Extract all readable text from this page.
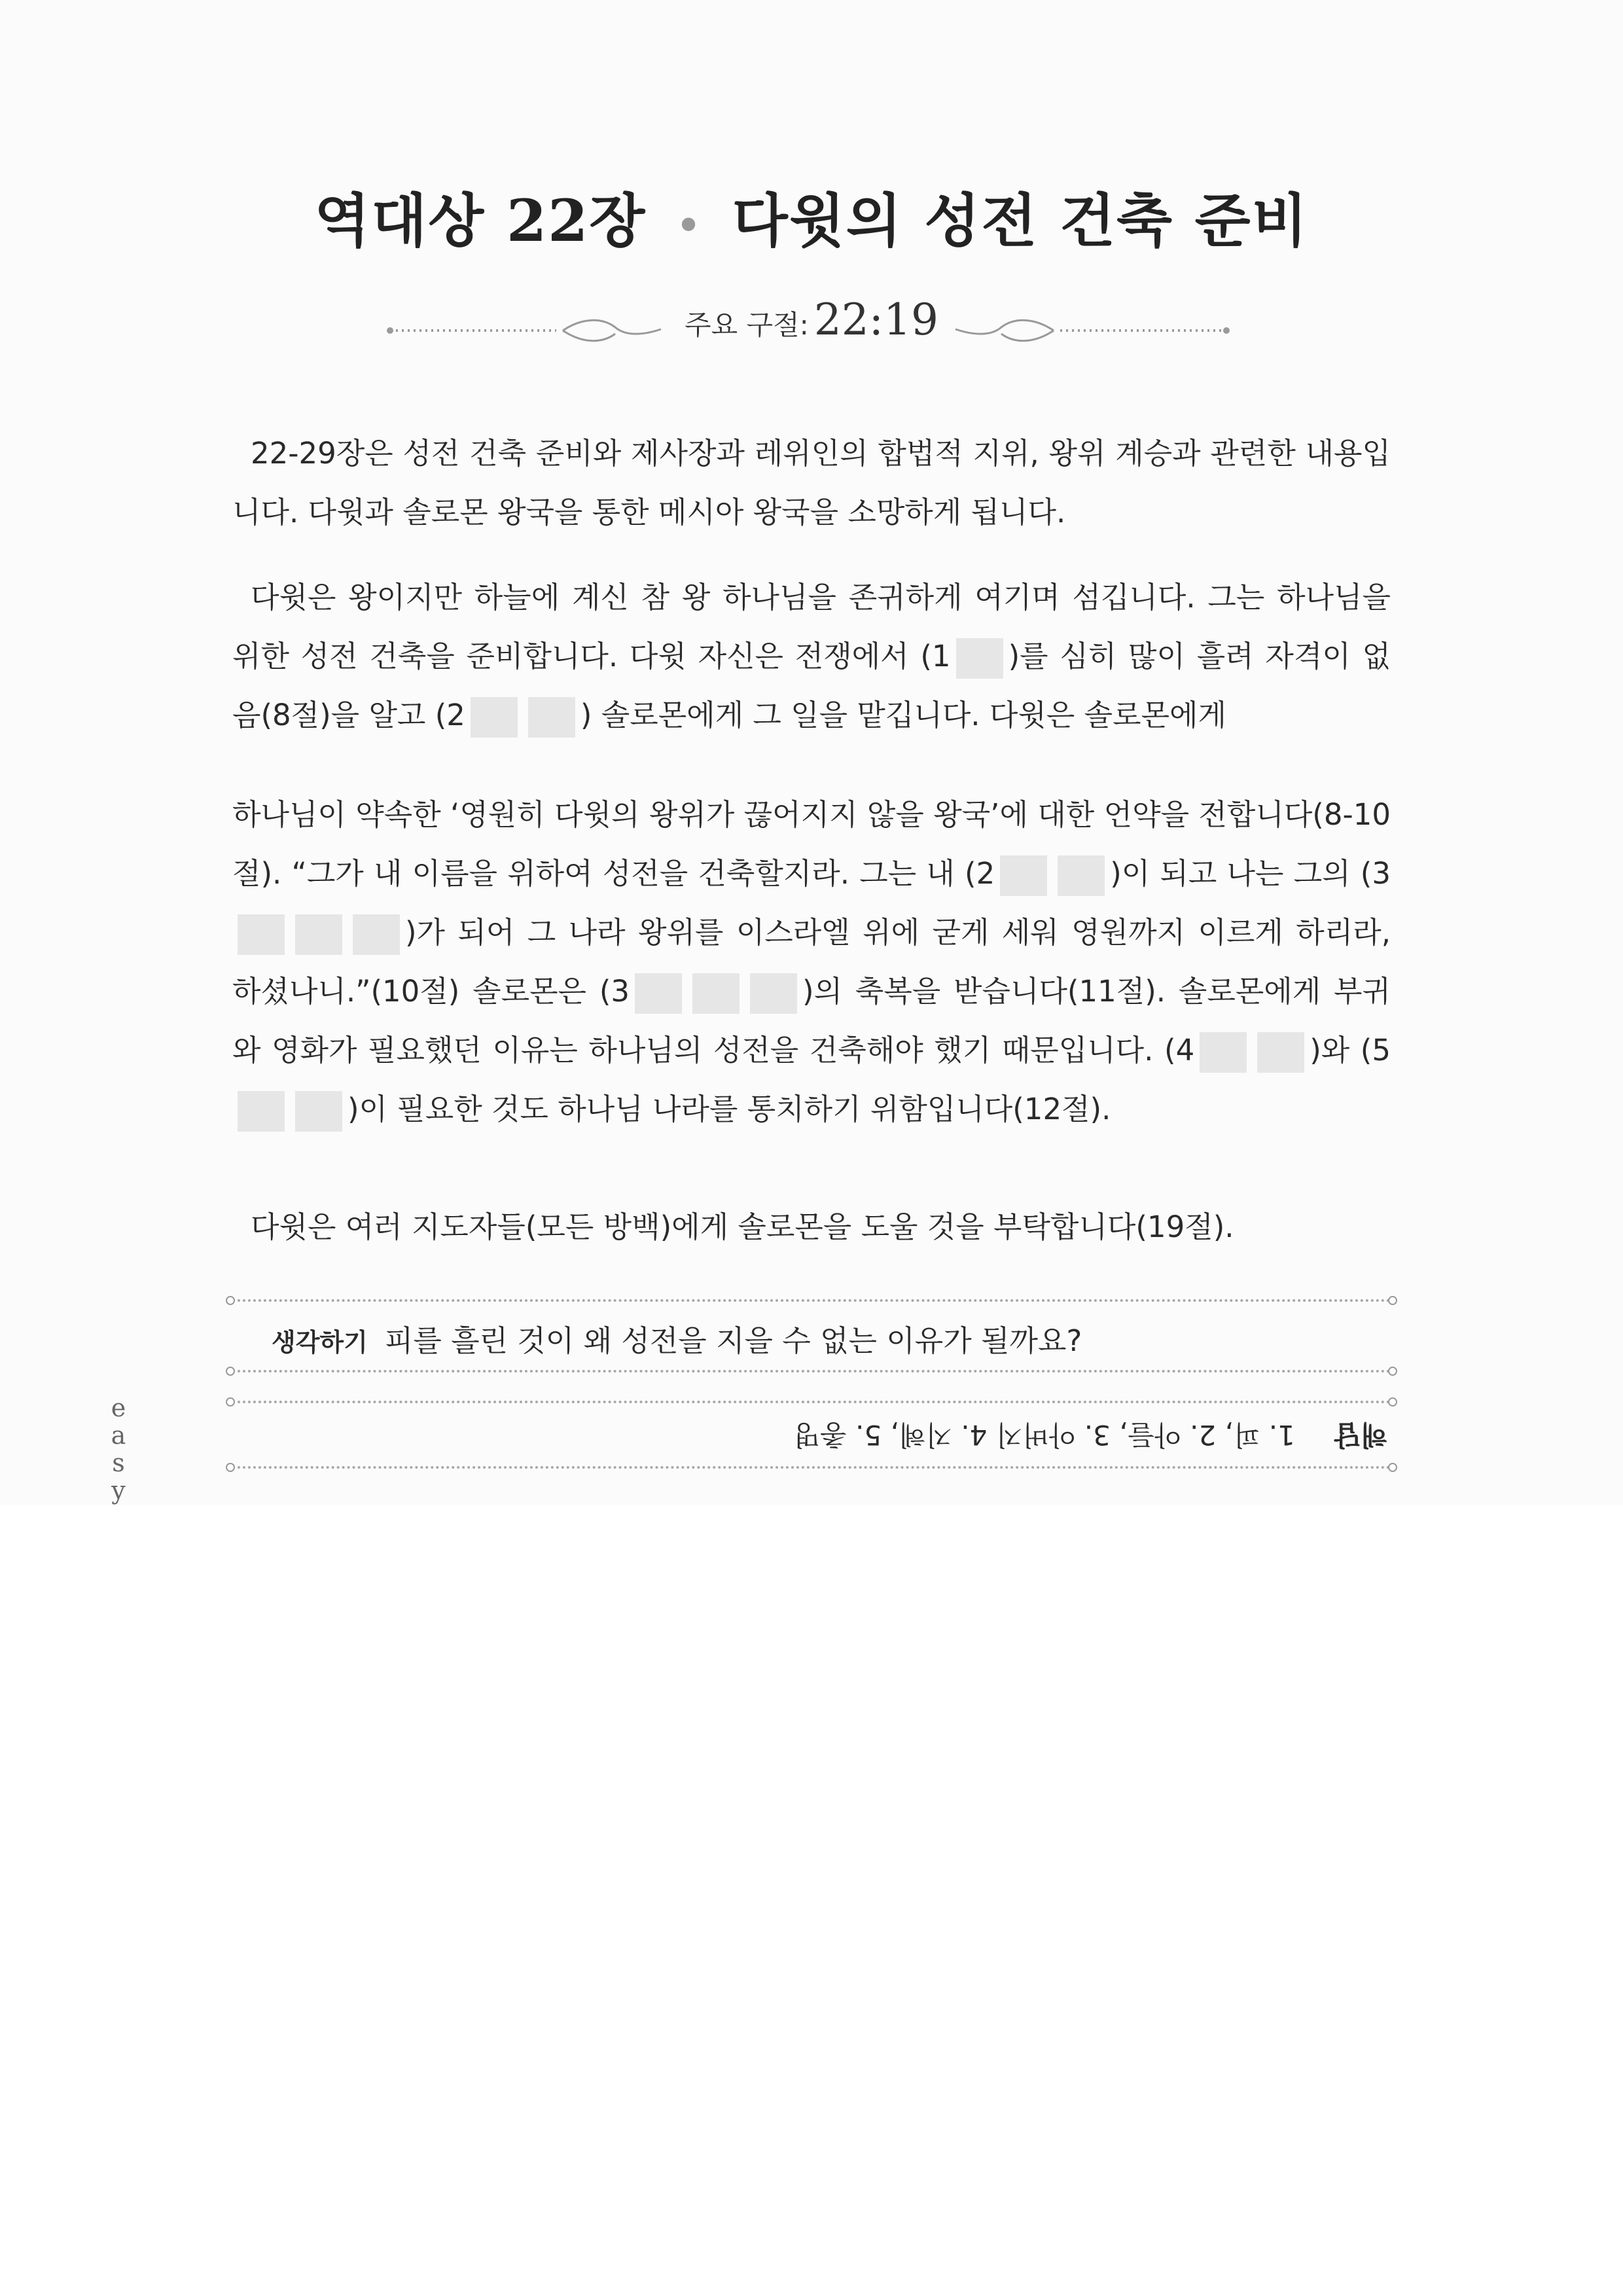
역대상 22장 • 다윗의 성전 건축 준비
주요 구절: 22:19
22-29장은 성전 건축 준비와 제사장과 레위인의 합법적 지위, 왕위 계승과 관련한 내용입니다. 다윗과 솔로몬 왕국을 통한 메시아 왕국을 소망하게 됩니다.
다윗은 왕이지만 하늘에 계신 참 왕 하나님을 존귀하게 여기며 섬깁니다. 그는 하나님을 위한 성전 건축을 준비합니다. 다윗 자신은 전쟁에서 (1 )를 심히 많이 흘려 자격이 없음(8절)을 알고 (2	) 솔로몬에게 그 일을 맡깁니다. 다윗은 솔로몬에게
하나님이 약속한 ‘영원히 다윗의 왕위가 끊어지지 않을 왕국’에 대한 언약을 전합니다(8-10절). “그가 내 이름을 위하여 성전을 건축할지라. 그는 내 (2	)이 되고 나는 그의 (3)가 되어 그 나라 왕위를 이스라엘 위에 굳게 세워 영원까지 이르게 하리라, 하셨나니.”(10절) 솔로몬은 (3	)의 축복을 받습니다(11절). 솔로몬에게 부귀와 영화가 필요했던 이유는 하나님의 성전을 건축해야 했기 때문입니다. (4	)와 (5)이 필요한 것도 하나님 나라를 통치하기 위함입니다(12절).
다윗은 여러 지도자들(모든 방백)에게 솔로몬을 도울 것을 부탁합니다(19절).
생각하기 피를 흘린 것이 왜 성전을 지을 수 없는 이유가 될까요?
해답1. 피, 2. 아들, 3. 아버지 4. 지혜, 5. 총명
easy
